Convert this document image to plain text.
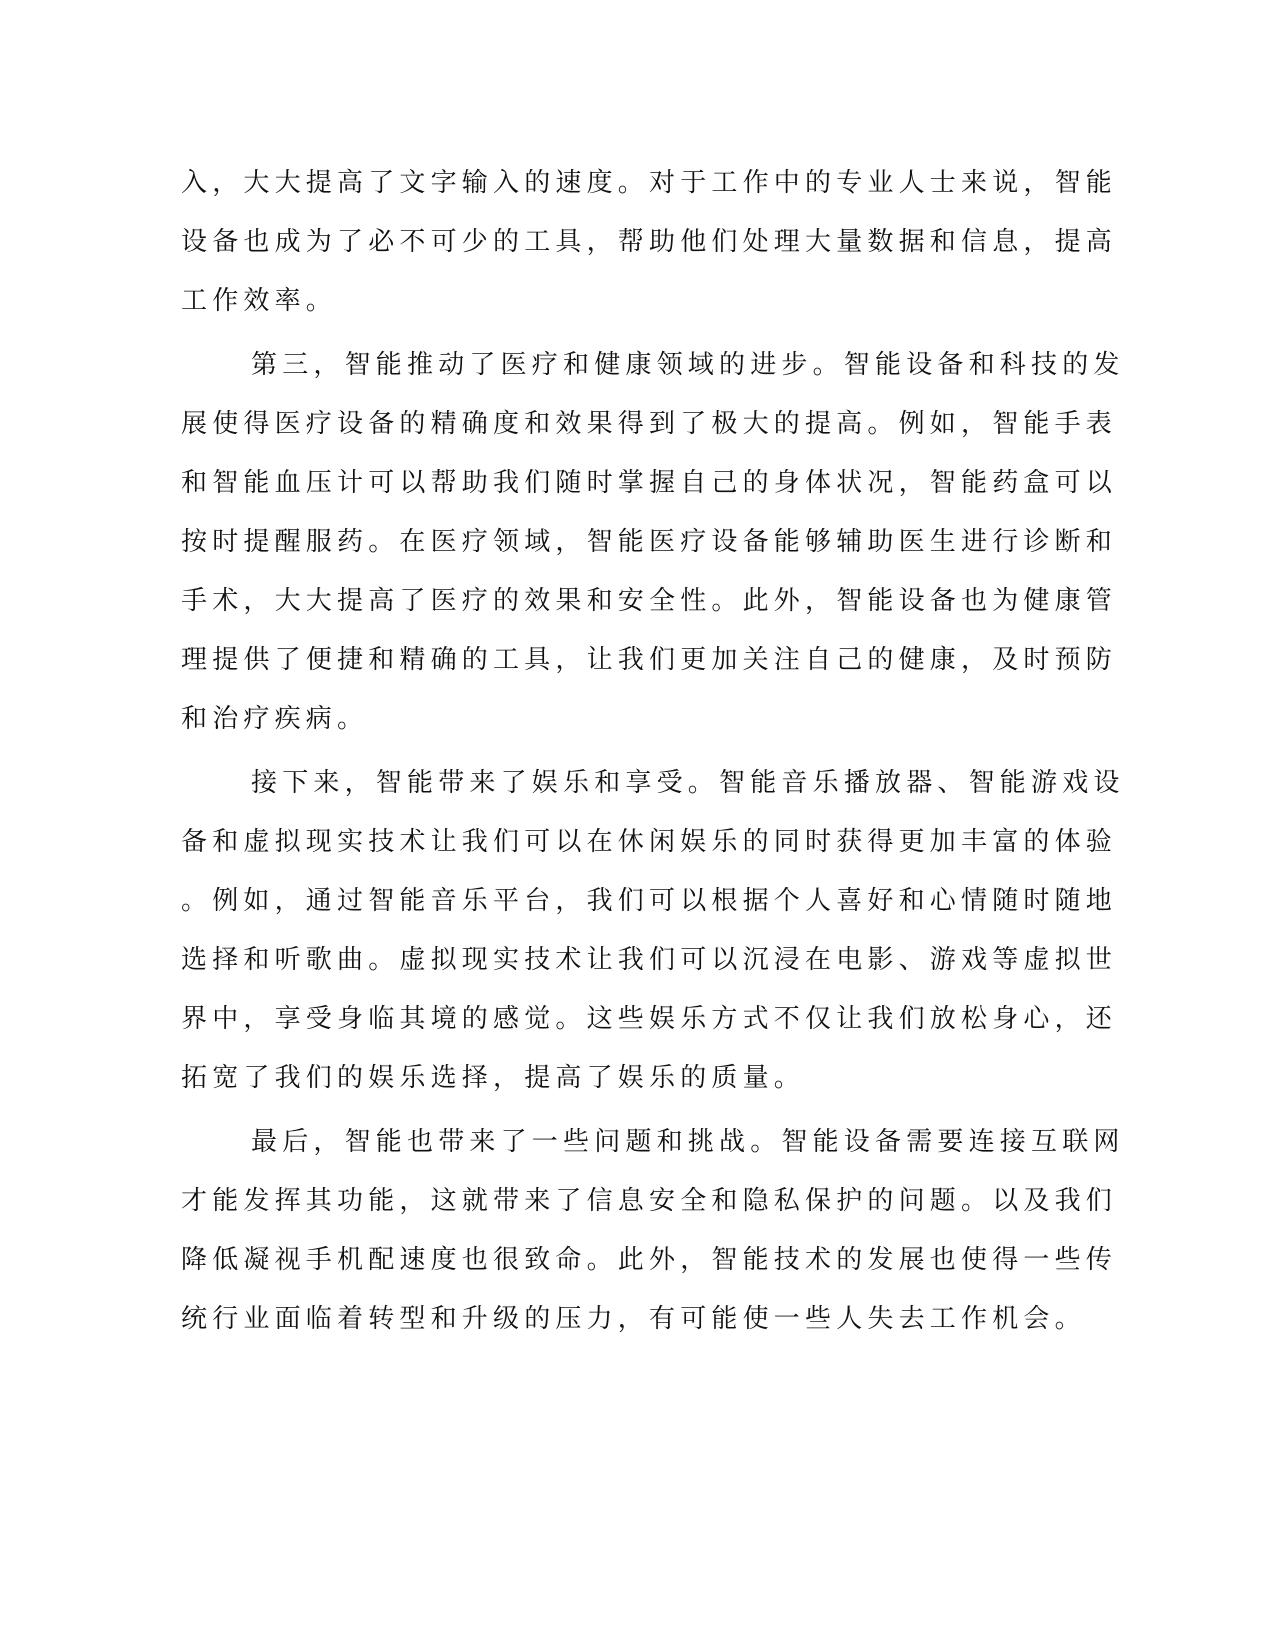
入，大大提高了文字输入的速度。对于工作中的专业人士来说，智能
设备也成为了必不可少的工具，帮助他们处理大量数据和信息，提高
工作效率。
第三，智能推动了医疗和健康领域的进步。智能设备和科技的发
展使得医疗设备的精确度和效果得到了极大的提高。例如，智能手表
和智能血压计可以帮助我们随时掌握自己的身体状况，智能药盒可以
按时提醒服药。在医疗领域，智能医疗设备能够辅助医生进行诊断和
手术，大大提高了医疗的效果和安全性。此外，智能设备也为健康管
理提供了便捷和精确的工具，让我们更加关注自己的健康，及时预防
和治疗疾病。
接下来，智能带来了娱乐和享受。智能音乐播放器、智能游戏设
备和虚拟现实技术让我们可以在休闲娱乐的同时获得更加丰富的体验
。例如，通过智能音乐平台，我们可以根据个人喜好和心情随时随地
选择和听歌曲。虚拟现实技术让我们可以沉浸在电影、游戏等虚拟世
界中，享受身临其境的感觉。这些娱乐方式不仅让我们放松身心，还
拓宽了我们的娱乐选择，提高了娱乐的质量。
最后，智能也带来了一些问题和挑战。智能设备需要连接互联网
才能发挥其功能，这就带来了信息安全和隐私保护的问题。以及我们
降低凝视手机配速度也很致命。此外，智能技术的发展也使得一些传
统行业面临着转型和升级的压力，有可能使一些人失去工作机会。
